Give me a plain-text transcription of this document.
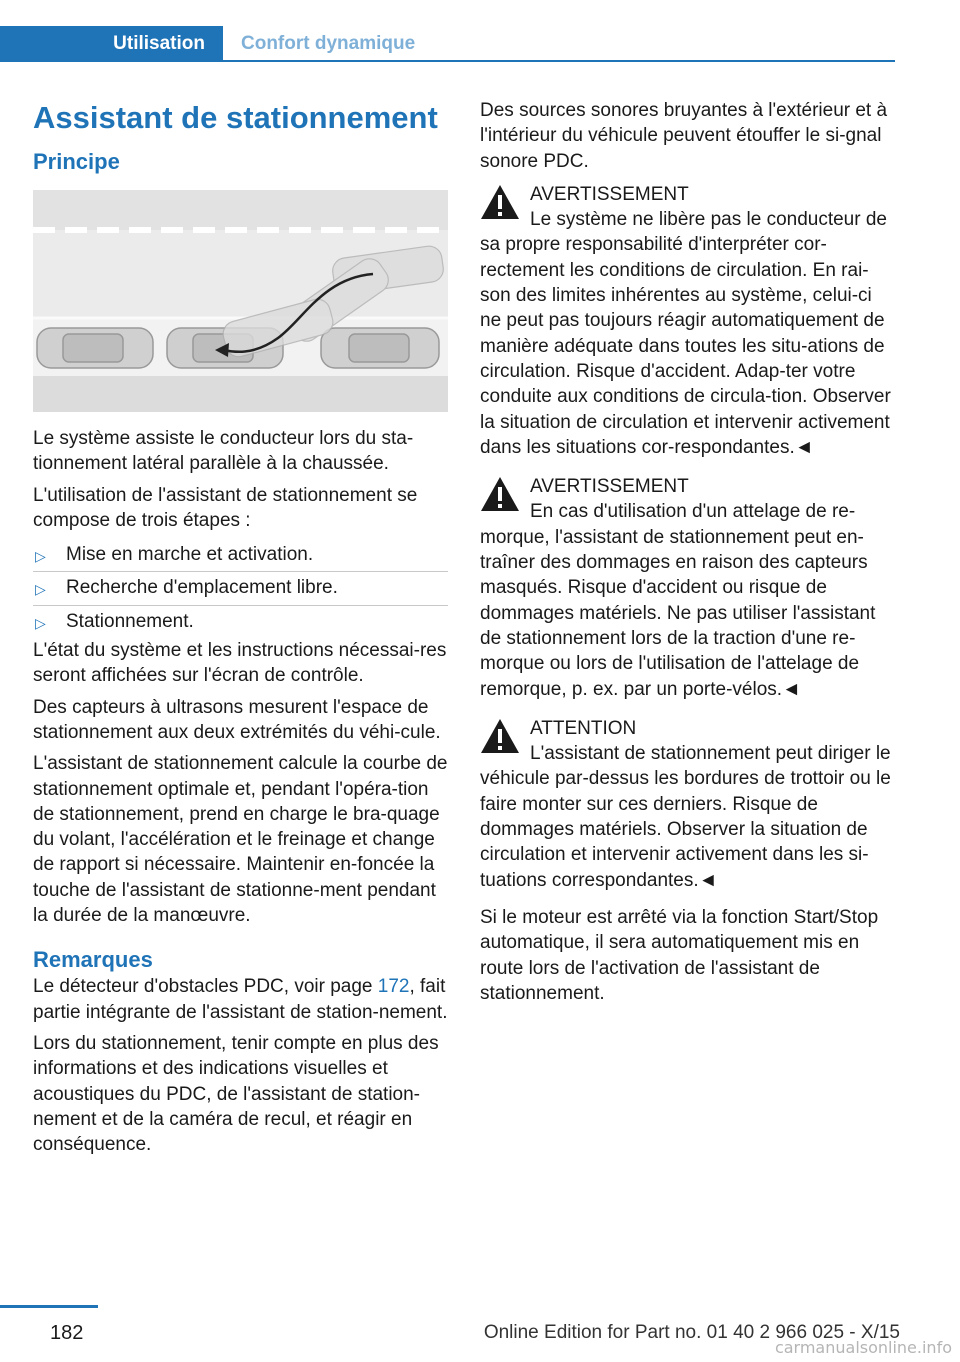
Utilisation	Confort dynamique
Assistant de stationnement
Principe

Le système assiste le conducteur lors du sta-tionnement latéral parallèle à la chaussée.

L'utilisation de l'assistant de stationnement se compose de trois étapes :

▷ Mise en marche et activation.
▷ Recherche d'emplacement libre.
▷ Stationnement.

L'état du système et les instructions nécessai-res seront affichées sur l'écran de contrôle.

Des capteurs à ultrasons mesurent l'espace de stationnement aux deux extrémités du véhi-cule.

L'assistant de stationnement calcule la courbe de stationnement optimale et, pendant l'opéra-tion de stationnement, prend en charge le bra-quage du volant, l'accélération et le freinage et change de rapport si nécessaire. Maintenir en-foncée la touche de l'assistant de stationne-ment pendant la durée de la manœuvre.

Remarques

Le détecteur d'obstacles PDC, voir page 172, fait partie intégrante de l'assistant de station-nement.

Lors du stationnement, tenir compte en plus des informations et des indications visuelles et acoustiques du PDC, de l'assistant de station-nement et de la caméra de recul, et réagir en conséquence.

Des sources sonores bruyantes à l'extérieur et à l'intérieur du véhicule peuvent étouffer le si-gnal sonore PDC.

AVERTISSEMENT
Le système ne libère pas le conducteur de sa propre responsabilité d'interpréter cor-rectement les conditions de circulation. En rai-son des limites inhérentes au système, celui-ci ne peut pas toujours réagir automatiquement de manière adéquate dans toutes les situ-ations de circulation. Risque d'accident. Adap-ter votre conduite aux conditions de circula-tion. Observer la situation de circulation et intervenir activement dans les situations cor-respondantes.◄
AVERTISSEMENT
En cas d'utilisation d'un attelage de re-morque, l'assistant de stationnement peut en-traîner des dommages en raison des capteurs masqués. Risque d'accident ou risque de dommages matériels. Ne pas utiliser l'assistant de stationnement lors de la traction d'une re-morque ou lors de l'utilisation de l'attelage de remorque, p. ex. par un porte-vélos.◄
ATTENTION
L'assistant de stationnement peut diriger le véhicule par-dessus les bordures de trottoir ou le faire monter sur ces derniers. Risque de dommages matériels. Observer la situation de circulation et intervenir activement dans les si-tuations correspondantes.◄

Si le moteur est arrêté via la fonction Start/Stop automatique, il sera automatiquement mis en route lors de l'activation de l'assistant de stationnement.

182	Online Edition for Part no. 01 40 2 966 025 - X/15
carmanualsonline.info
